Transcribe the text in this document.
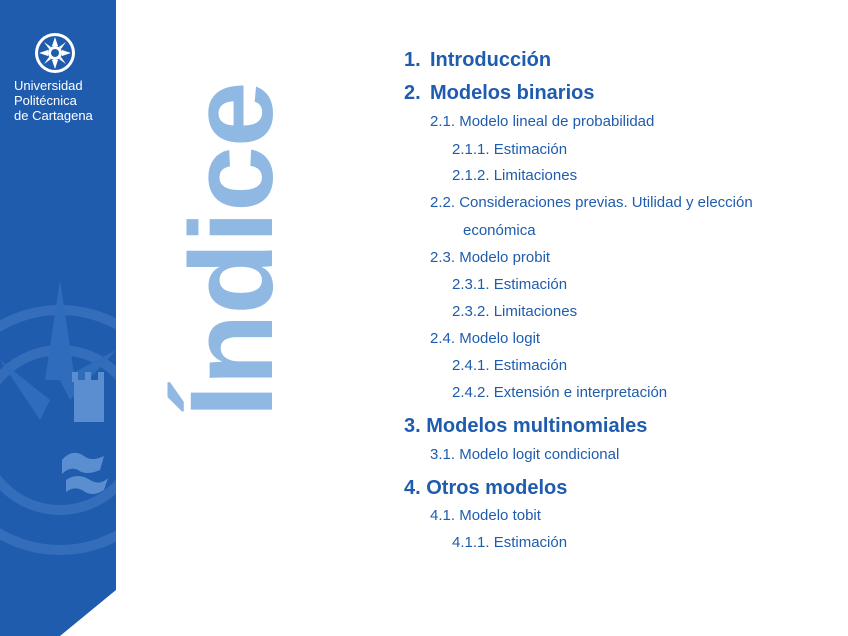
Universidad
Politécnica
de Cartagena Índice
1. Introducción
2. Modelos binarios
2.1. Modelo lineal de probabilidad
2.1.1. Estimación
2.1.2. Limitaciones
2.2. Consideraciones previas. Utilidad y elección
económica
2.3. Modelo probit
2.3.1. Estimación
2.3.2. Limitaciones
2.4. Modelo logit
2.4.1. Estimación
2.4.2. Extensión e interpretación
3. Modelos multinomiales
3.1. Modelo logit condicional
4. Otros modelos
4.1. Modelo tobit
4.1.1. Estimación
